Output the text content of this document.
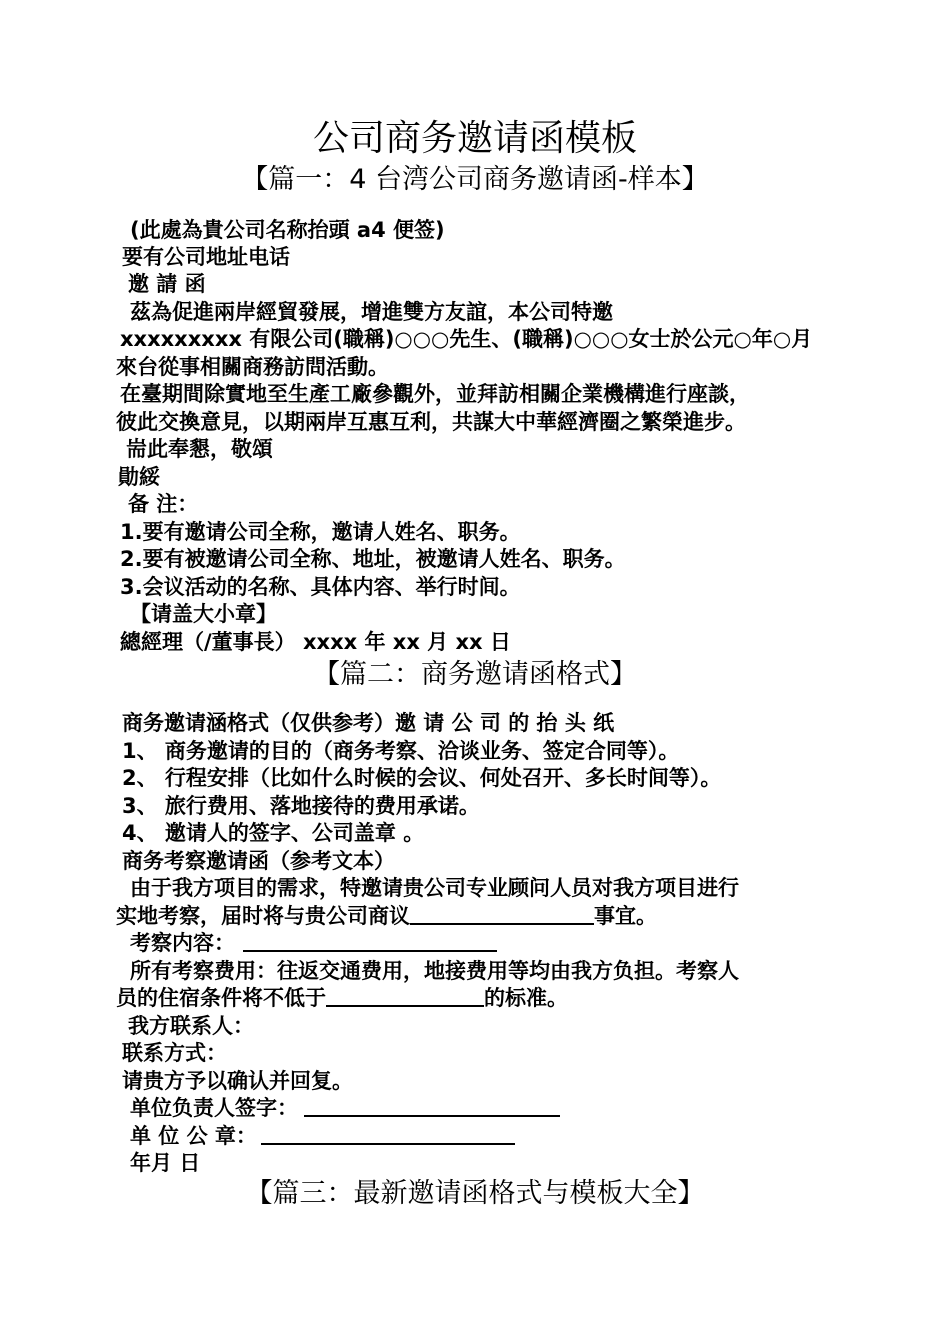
公司商务邀请函模板
【篇一：4 台湾公司商务邀请函-样本】
(此處為貴公司名称抬頭 a4 便签)
要有公司地址电话
邀 請 函
茲為促進兩岸經貿發展，增進雙方友誼，本公司特邀
xxxxxxxxx 有限公司(職稱)○○○先生、(職稱)○○○女士於公元○年○月
來台從事相關商務訪問活動。
在臺期間除實地至生產工廠參觀外，並拜訪相關企業機構進行座談，
彼此交換意見，以期兩岸互惠互利，共謀大中華經濟圈之繁榮進步。
耑此奉懇，敬頌
勛綏
备 注：
1.要有邀请公司全称，邀请人姓名、职务。
2.要有被邀请公司全称、地址，被邀请人姓名、职务。
3.会议活动的名称、具体内容、举行时间。
【请盖大小章】
總經理（/董事長） xxxx 年 xx 月 xx 日
【篇二：商务邀请函格式】
商务邀请涵格式（仅供参考）邀 请 公 司 的 抬 头 纸
1、 商务邀请的目的（商务考察、洽谈业务、签定合同等）。
2、 行程安排（比如什么时候的会议、何处召开、多长时间等）。
3、 旅行费用、落地接待的费用承诺。
4、 邀请人的签字、公司盖章 。
商务考察邀请函（参考文本）
由于我方项目的需求，特邀请贵公司专业顾问人员对我方项目进行
实地考察，届时将与贵公司商议	事宜。
考察内容：
所有考察费用：往返交通费用，地接费用等均由我方负担。考察人
员的住宿条件将不低于	的标准。
我方联系人：
联系方式：
请贵方予以确认并回复。
单位负责人签字：
单 位 公 章：
年月 日
【篇三：最新邀请函格式与模板大全】
